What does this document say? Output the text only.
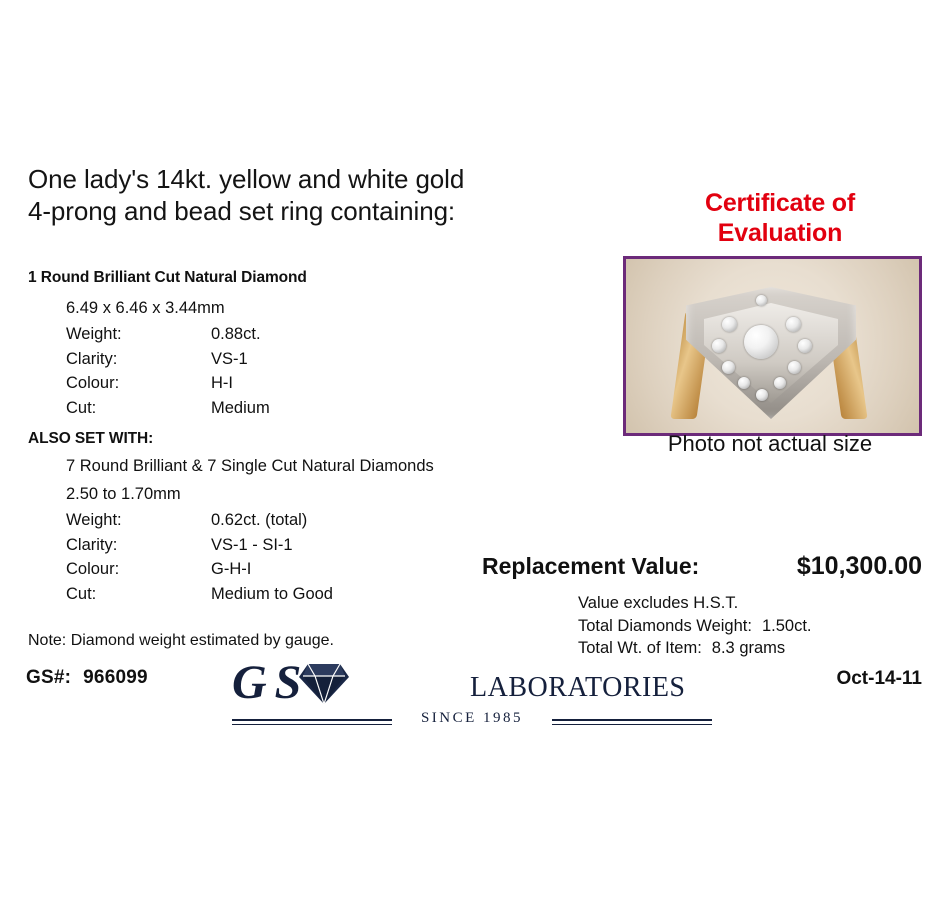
One lady's 14kt. yellow and white gold
4-prong and bead set ring containing:
1 Round Brilliant Cut Natural Diamond
6.49 x 6.46 x 3.44mm
Weight:	0.88ct.
Clarity:	VS-1
Colour:	H-I
Cut:	Medium
ALSO SET WITH:
7 Round Brilliant & 7 Single Cut Natural Diamonds
2.50 to 1.70mm
Weight:	0.62ct. (total)
Clarity:	VS-1 - SI-1
Colour:	G-H-I
Cut:	Medium to Good
Note: Diamond weight estimated by gauge.
GS#: 966099	Oct-14-11
G S	LABORATORIES
SINCE 1985
Certificate of
Evaluation
Photo not actual size
Replacement Value:	$10,300.00
Value excludes H.S.T.
Total Diamonds Weight: 1.50ct.
Total Wt. of Item: 8.3 grams
